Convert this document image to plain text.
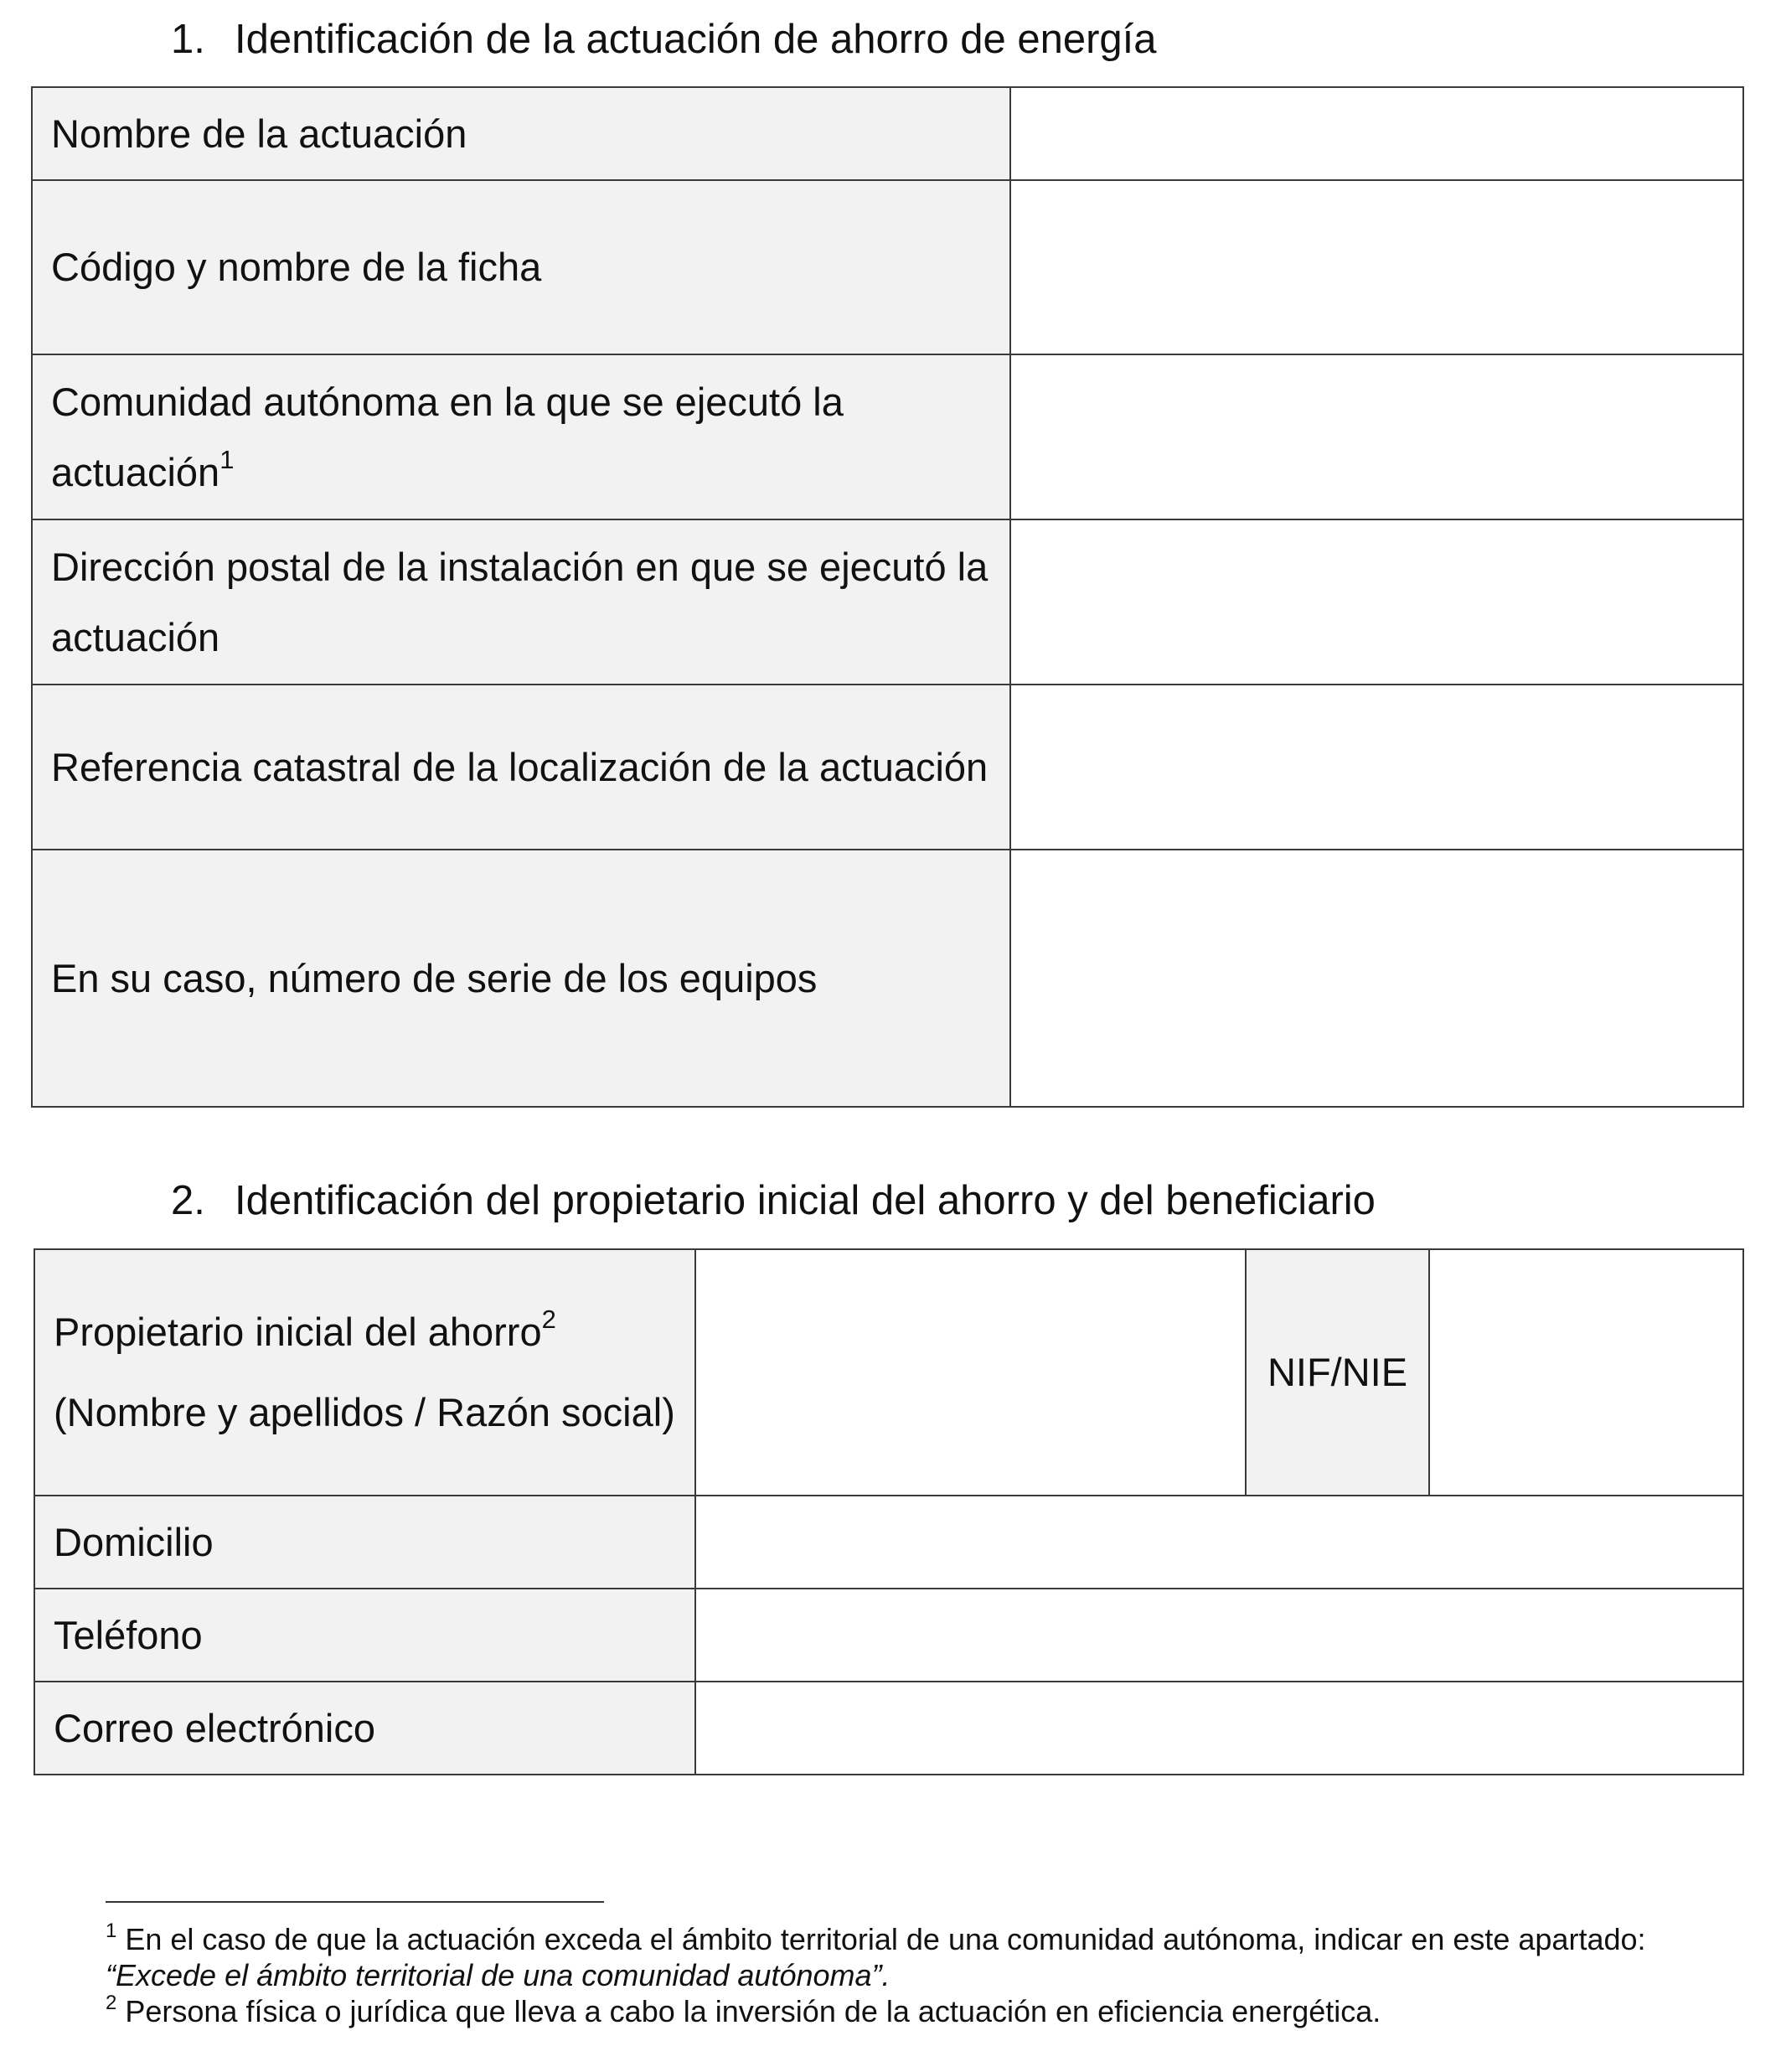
1. Identificación de la actuación de ahorro de energía
Nombre de la actuación	
Código y nombre de la ficha	
Comunidad autónoma en la que se ejecutó la actuación$^1$	
Dirección postal de la instalación en que se ejecutó la actuación	
Referencia catastral de la localización de la actuación	
En su caso, número de serie de los equipos	
2. Identificación del propietario inicial del ahorro y del beneficiario
Propietario inicial del ahorro$^2$ (Nombre y apellidos / Razón social)		NIF/NIE	
Domicilio			
Teléfono			
Correo electrónico			

$^1$ En el caso de que la actuación exceda el ámbito territorial de una comunidad autónoma, indicar en este apartado: “Excede el ámbito territorial de una comunidad autónoma”.

$^2$ Persona física o jurídica que lleva a cabo la inversión de la actuación en eficiencia energética.
